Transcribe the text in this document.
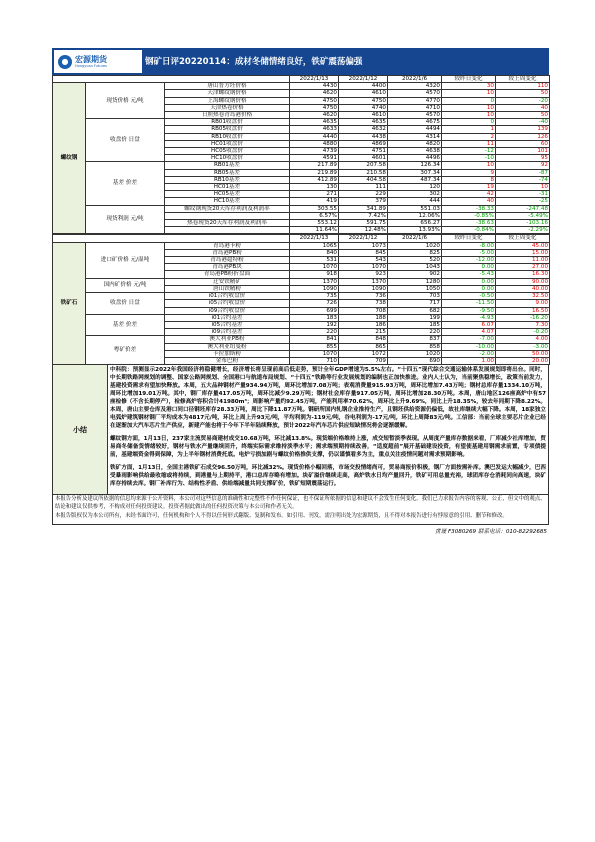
● 宏源期货
Hongyuan Futures	钢矿日评20220114：成材冬储情绪良好，铁矿震荡偏强
			2022/1/13	2022/1/12	2022/1/6	较昨日变化	较上周变化
螺纹钢	现货价格 元/吨	唐山普方坯价格	4430	4400	4320	30	110
		天津螺纹钢价格	4620	4610	4570	10	50
		上海螺纹钢价格	4750	4750	4770	0	-20
		天津热卷价格	4750	4740	4710	10	40
		日照热卷青岛港价格	4620	4610	4570	10	50
	收盘价 日盘	RB01收盘价	4635	4635	4675	0	-40
		RB05收盘价	4633	4632	4494	1	139
		RB10收盘价	4440	4438	4314	2	126
		HC01收盘价	4880	4869	4820	11	60
		HC05收盘价	4739	4751	4638	-12	101
		HC10收盘价	4591	4601	4496	-10	95
	基差 价差	RB01基差	217.89	207.58	126.34	10	92
		RB05基差	219.89	210.58	307.34	9	-87
		RB10基差	412.89	404.58	487.34	8	-74
		HC01基差	130	111	120	19	10
		HC05基差	271	229	302	42	-31
		HC10基差	419	379	444	40	-25
	现货利润 元/吨	螺纹钢现货20天库存利润及利润率	303.55	341.89	551.03	-38.33	-247.48
			6.57%	7.42%	12.06%	-0.85%	-5.49%
		热卷现货20天库存利润及利润率	553.12	591.75	656.27	-38.63	-103.16
			11.64%	12.48%	13.93%	-0.84%	-2.29%
			2022/1/13	2022/1/12	2022/1/6	较昨日变化	较上周变化
铁矿石	进口矿价格 元/湿吨	青岛港卡粉	1065	1073	1020	-8.00	45.00
		青岛港PB粉	840	845	825	-5.00	15.00
		青岛港超特粉	531	543	520	-12.00	11.00
		青岛港PB块	1070	1070	1043	0.00	27.00
		青岛港PB粉折盘面	918	923	902	-5.43	16.30
	国内矿价格 元/吨	迁安铁精矿	1370	1370	1280	0.00	90.00
		唐山铁精粉	1090	1090	1050	0.00	40.00
	收盘价 日盘	i01合约收盘价	735	736	703	-0.50	32.50
		i05合约收盘价	726	738	717	-11.50	9.00
		i09合约收盘价	699	708	682	-9.50	16.50
	基差 价差	i01合约基差	183	188	199	-4.93	-16.20
		i05合约基差	192	186	185	6.07	7.30
		i09合约基差	220	215	220	4.07	-0.20
	粤矿价差	澳大利亚PB粉	841	848	837	-7.00	4.00
		澳大利亚纽曼粉	855	865	858	-10.00	-3.00
		卡拉加斯粉	1070	1072	1020	-2.00	50.00
		金布巴粉	710	709	690	1.00	20.00
小结

中科院：预测显示2022年我国经济将稳健增长，经济增长将呈现前高后低走势，预计全年GDP增速为5.5%左右。“十四五”现代综合交通运输体系发展规划即将出台。同时，中长期铁路网规划的调整、国家公路网规划、全国港口与航道布局规划、“十四五”铁路等行业发展规划的编制也正加快推进。业内人士认为，当前聚焦稳增长，政策当前发力，基建投资需求有望加快释放。本周，五大品种钢材产量934.94万吨，周环比增加7.08万吨；表观消费量915.93万吨，周环比增加7.43万吨；钢材总库存量1334.10万吨，周环比增加19.01万吨。其中，钢厂库存量417.05万吨，周环比减少9.29万吨；钢材社会库存量917.05万吨，周环比增加28.30万吨。本周，唐山地区126座高炉中有57座检修（不含长期停产），检修高炉容积合计41980m³；周影响产量约92.45万吨，产能利用率70.62%，周环比上升9.69%，同比上升18.35%，较去年同期下降8.22%。本周，唐山主要仓库及港口同口径钢坯库存28.33万吨，周比下降11.87万吨。钢研所国内轧钢企业推持生产，且钢坯供给资源仍偏低，故社库继续大幅下降。本周，18家独立电弧炉建筑钢材钢厂平均成本为4817元/吨，环比上周上升93元/吨，平均利润为-119元/吨，谷电利润为-17元/吨，环比上周降83元/吨。工信部：当前全球主要芯片企业已经在逐渐加大汽车芯片生产供应，新建产能也将于今年下半年陆续释放，预计2022年汽车芯片供应短缺情况将会逐渐缓解。

螺纹钢方面，1月13日，237家主流贸易商建材成交10.68万吨，环比减13.8%。现货端价格维持上涨，成交短暂淡季表现。从周度产量库存数据来看，厂库减少社库增加，贸易商冬储备货情绪较好，钢材与铁水产量继续回升，终端实际需求维持淡季水平；需求端预期持续改善，“适度超前”展开基础建设投资，有望使基建用钢需求前置，专项债提前，基建端资金得到保障，为上半年钢材消费托底。电炉亏损加剧与螺纹价格推供支撑，仍以谨慎看多为主，重点关注疫情问题对需求预期影响。

铁矿方面，1月13日，全国主港铁矿石成交96.50万吨，环比减32%。现货价格小幅回落，市场交投情绪尚可，贸易商报价积极，钢厂方面按需补库。澳巴发运大幅减少，巴西受暴雨影响供给最收缩或将持续，到港量与上期持平，港口总库存略有增加。块矿溢价继续走高，高炉铁水日均产量回升，铁矿可用总量充裕，球团库存仓消耗同向高速，块矿库存持续去库。钢厂补库行为、结构性矛盾、供给端减量共同支撑矿价，铁矿短期震荡运行。

本报告分析及建议所依据的信息均来源于公开资料，本公司对这些信息的准确性和完整性不作任何保证，也不保证所依据的信息和建议不会发生任何变化。我们已力求报告内容的客观、公正，但文中的观点、结论和建议仅供参考，不构成对任何投资建议。投资者据此做出的任何投资决策与本公司和作者无关。

本报告版权仅为本公司所有，未经书面许可，任何机构和个人不得以任何形式翻版、复制和发布。如引用、刊发，需注明出处为宏源期货，且不得对本报告进行有悖原意的引用、删节和修改。

黄晟 F3080269 联系电话：010-82292685
